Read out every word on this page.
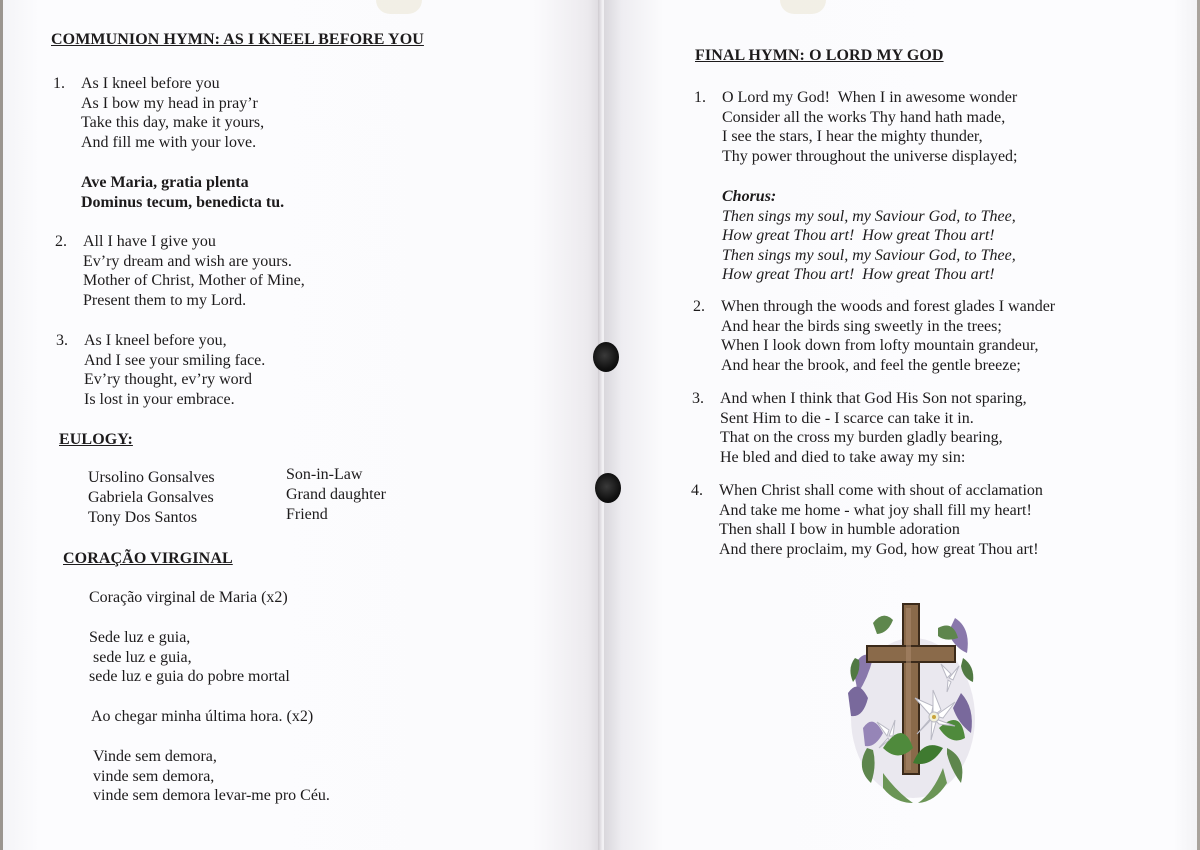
COMMUNION HYMN: AS I KNEEL BEFORE YOU
1. As I kneel before you
As I bow my head in pray’r
Take this day, make it yours,
And fill me with your love.
Ave Maria, gratia plenta
Dominus tecum, benedicta tu.
2. All I have I give you
Ev’ry dream and wish are yours.
Mother of Christ, Mother of Mine,
Present them to my Lord.
3. As I kneel before you,
And I see your smiling face.
Ev’ry thought, ev’ry word
Is lost in your embrace.
EULOGY:
Ursolino Gonsalves
Gabriela Gonsalves
Tony Dos Santos
Son-in-Law
Grand daughter
Friend
CORAÇÃO VIRGINAL
Coração virginal de Maria (x2)
Sede luz e guia,
sede luz e guia,
sede luz e guia do pobre mortal
Ao chegar minha última hora. (x2)
Vinde sem demora,
vinde sem demora,
vinde sem demora levar-me pro Céu.
FINAL HYMN: O LORD MY GOD
1. O Lord my God!  When I in awesome wonder
Consider all the works Thy hand hath made,
I see the stars, I hear the mighty thunder,
Thy power throughout the universe displayed;
Chorus:
Then sings my soul, my Saviour God, to Thee,
How great Thou art!  How great Thou art!
Then sings my soul, my Saviour God, to Thee,
How great Thou art!  How great Thou art!
2. When through the woods and forest glades I wander
And hear the birds sing sweetly in the trees;
When I look down from lofty mountain grandeur,
And hear the brook, and feel the gentle breeze;
3. And when I think that God His Son not sparing,
Sent Him to die - I scarce can take it in.
That on the cross my burden gladly bearing,
He bled and died to take away my sin:
4. When Christ shall come with shout of acclamation
And take me home - what joy shall fill my heart!
Then shall I bow in humble adoration
And there proclaim, my God, how great Thou art!
